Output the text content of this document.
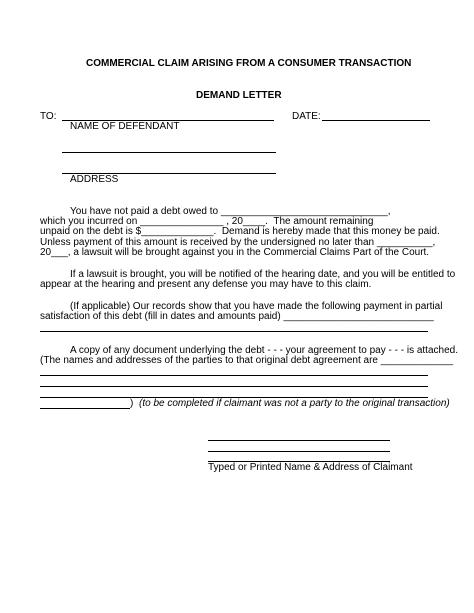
COMMERCIAL CLAIM ARISING FROM A CONSUMER TRANSACTION
DEMAND LETTER
TO:	DATE:
NAME OF DEFENDANT
ADDRESS
You have not paid a debt owed to ______________________________,
which you incurred on _______________ , 20____.  The amount remaining
unpaid on the debt is $_____________.  Demand is hereby made that this money be paid.
Unless payment of this amount is received by the undersigned no later than __________,
20___, a lawsuit will be brought against you in the Commercial Claims Part of the Court.
If a lawsuit is brought, you will be notified of the hearing date, and you will be entitled to
appear at the hearing and present any defense you may have to this claim.
(If applicable) Our records show that you have made the following payment in partial
satisfaction of this debt (fill in dates and amounts paid) ___________________________
A copy of any document underlying the debt - - - your agreement to pay - - - is attached.
(The names and addresses of the parties to that original debt agreement are _____________
) (to be completed if claimant was not a party to the original transaction)
Typed or Printed Name & Address of Claimant
